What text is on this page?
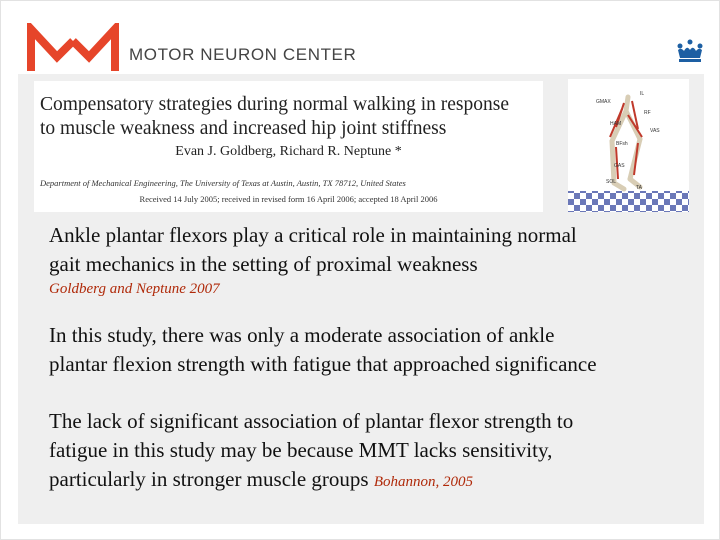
MOTOR NEURON CENTER
Compensatory strategies during normal walking in response
to muscle weakness and increased hip joint stiffness
Evan J. Goldberg, Richard R. Neptune *
Department of Mechanical Engineering, The University of Texas at Austin, Austin, TX 78712, United States
Received 14 July 2005; received in revised form 16 April 2006; accepted 18 April 2006
GMAX
IL
RF
HAM
VAS
BFsh
GAS
SOL
TA
Ankle plantar flexors play a critical role in maintaining normal
gait mechanics in the setting of proximal weakness
Goldberg and Neptune 2007
In this study, there was only a moderate association of ankle
plantar flexion strength with fatigue that approached significance
The lack of significant association of plantar flexor strength to
fatigue in this study may be because MMT lacks sensitivity,
particularly in stronger muscle groups Bohannon, 2005
